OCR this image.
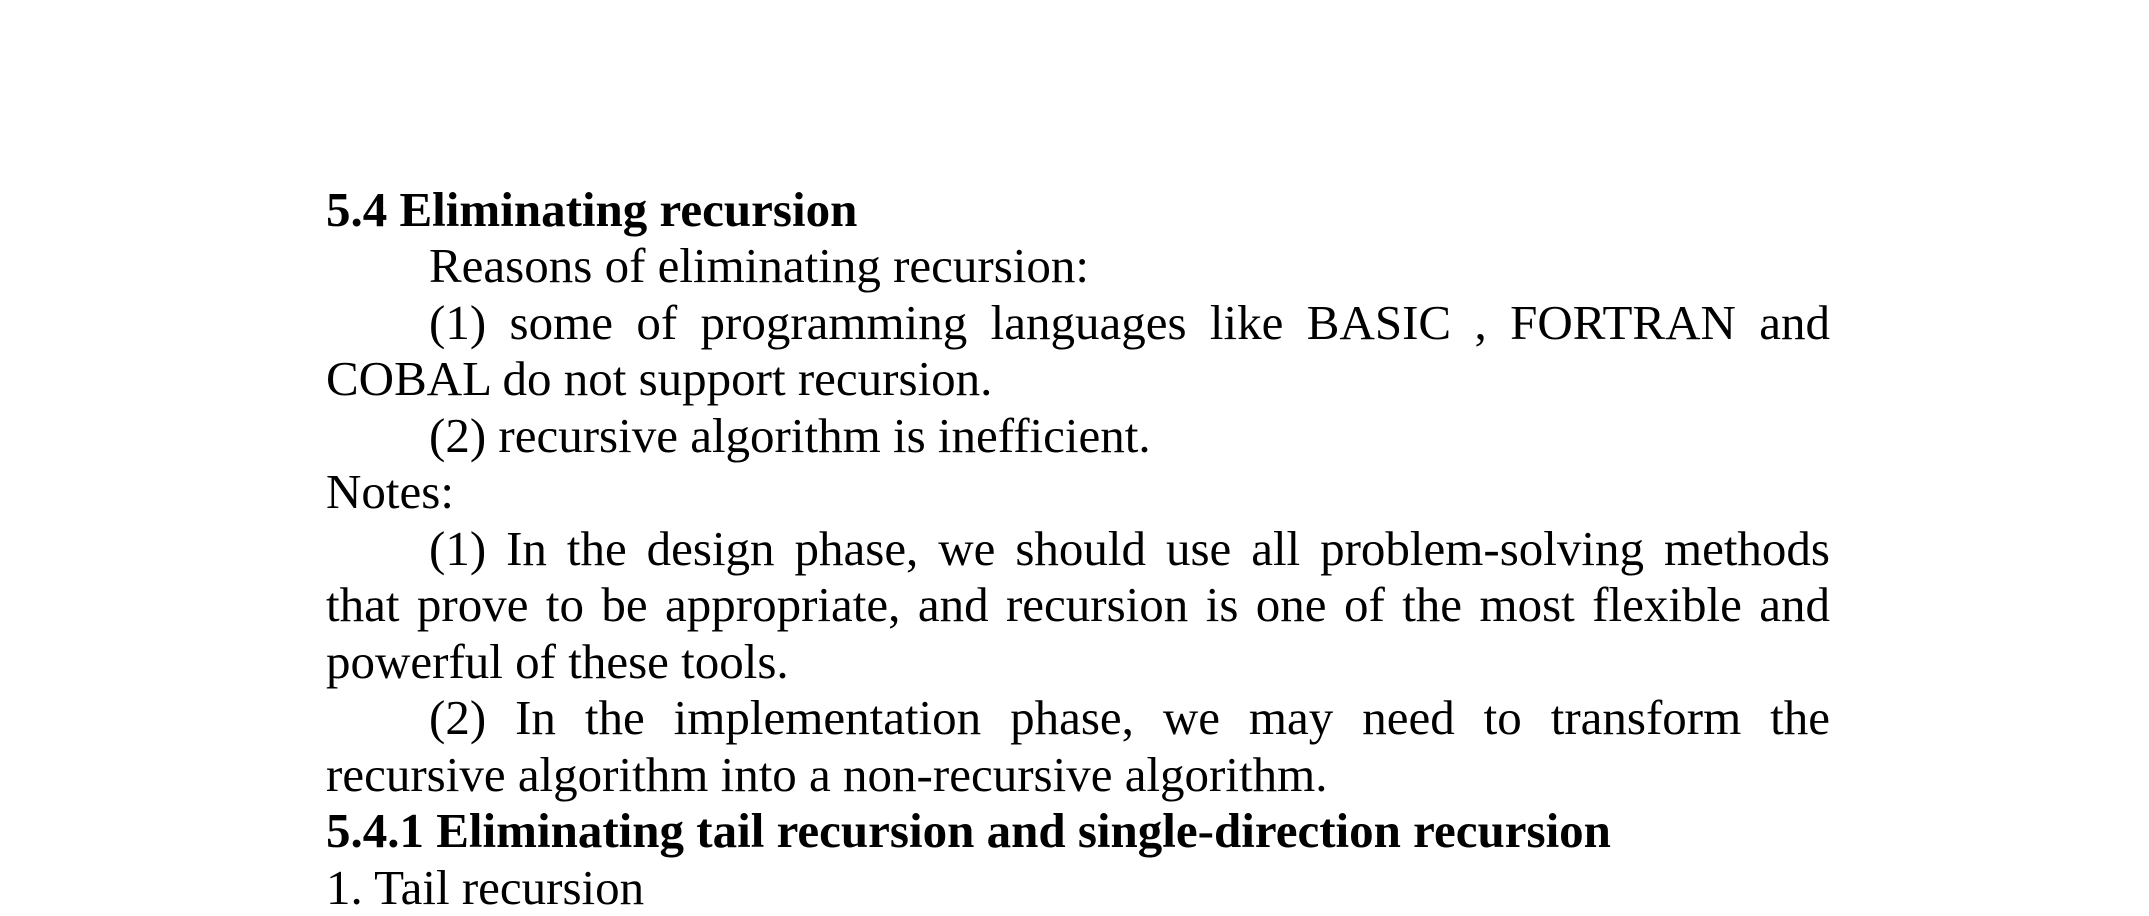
5.4 Eliminating recursion
Reasons of eliminating recursion:
(1) some of programming languages like BASIC , FORTRAN and
COBAL do not support recursion.
(2) recursive algorithm is inefficient.
Notes:
(1) In the design phase, we should use all problem-solving methods
that prove to be appropriate, and recursion is one of the most flexible and
powerful of these tools.
(2) In the implementation phase, we may need to transform the
recursive algorithm into a non-recursive algorithm.
5.4.1 Eliminating tail recursion and single-direction recursion
1. Tail recursion
